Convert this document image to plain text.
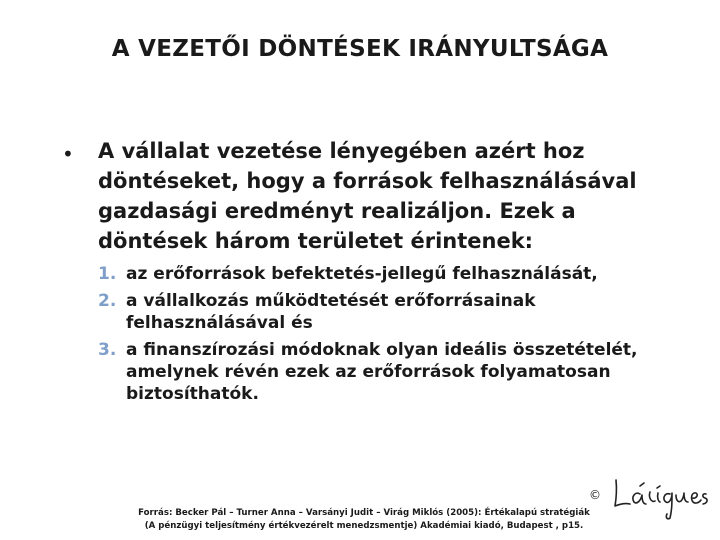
A VEZETŐI DÖNTÉSEK IRÁNYULTSÁGA
• A vállalat vezetése lényegében azért hoz döntéseket, hogy a források felhasználásával gazdasági eredményt realizáljon. Ezek a döntések három területet érintenek:
1. az erőforrások befektetés-jellegű felhasználását,
2. a vállalkozás működtetését erőforrásainak felhasználásával és
3. a finanszírozási módoknak olyan ideális összetételét, amelynek révén ezek az erőforrások folyamatosan biztosíthatók.
©
Forrás: Becker Pál – Turner Anna – Varsányi Judit – Virág Miklós (2005): Értékalapú stratégiák
(A pénzügyi teljesítmény értékvezérelt menedzsmentje) Akadémiai kiadó, Budapest , p15.
